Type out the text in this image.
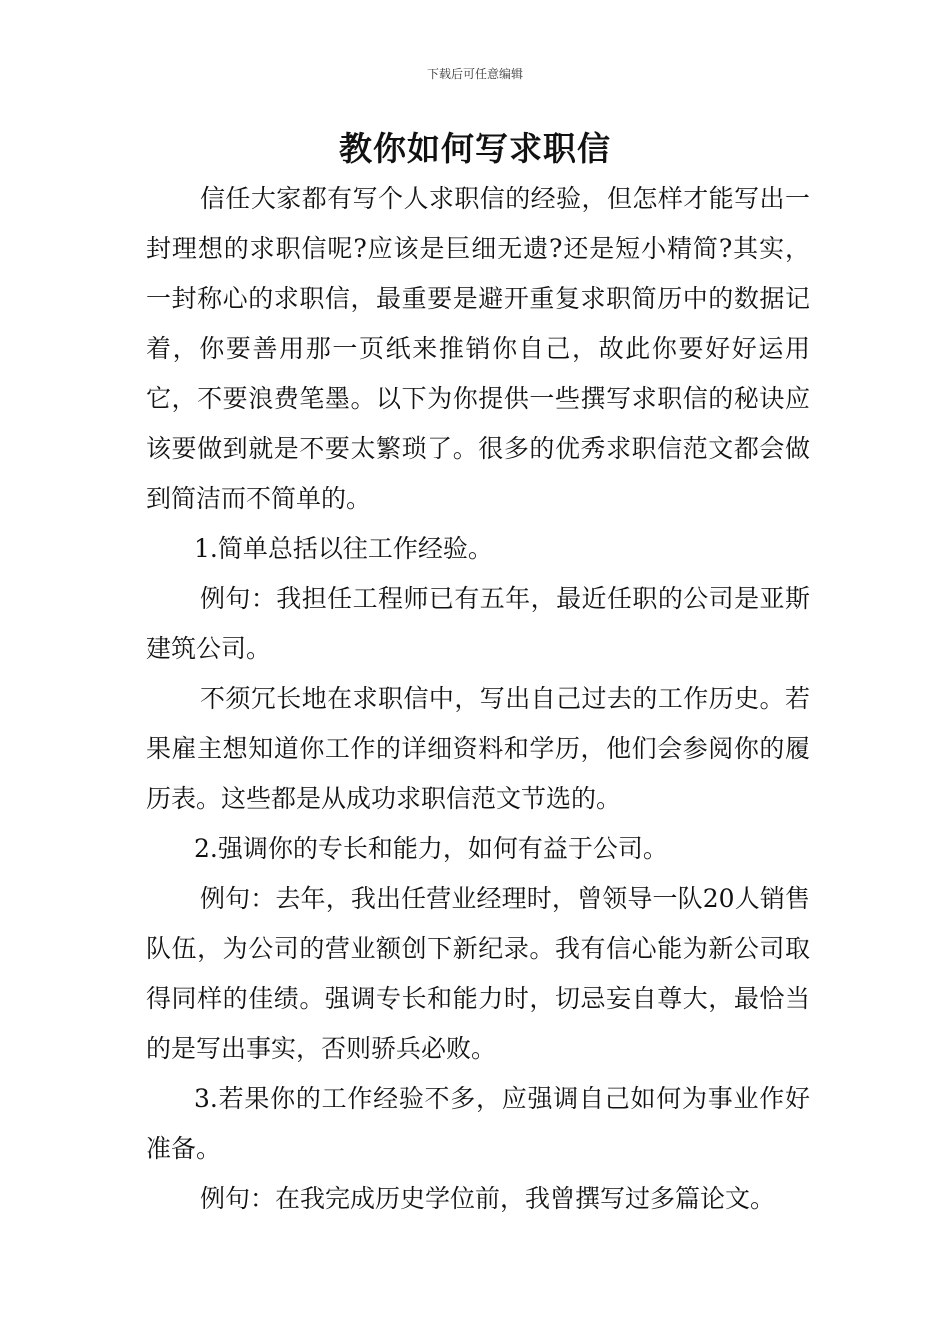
下载后可任意编辑
教你如何写求职信

信任大家都有写个人求职信的经验，但怎样才能写出一封理想的求职信呢?应该是巨细无遗?还是短小精简?其实，一封称心的求职信，最重要是避开重复求职简历中的数据记着，你要善用那一页纸来推销你自己，故此你要好好运用它，不要浪费笔墨。以下为你提供一些撰写求职信的秘诀应该要做到就是不要太繁琐了。很多的优秀求职信范文都会做到简洁而不简单的。

1.简单总括以往工作经验。

例句：我担任工程师已有五年，最近任职的公司是亚斯建筑公司。

不须冗长地在求职信中，写出自己过去的工作历史。若果雇主想知道你工作的详细资料和学历，他们会参阅你的履历表。这些都是从成功求职信范文节选的。

2.强调你的专长和能力，如何有益于公司。

例句：去年，我出任营业经理时，曾领导一队20人销售队伍，为公司的营业额创下新纪录。我有信心能为新公司取得同样的佳绩。强调专长和能力时，切忌妄自尊大，最恰当的是写出事实，否则骄兵必败。

3.若果你的工作经验不多，应强调自己如何为事业作好准备。

例句：在我完成历史学位前，我曾撰写过多篇论文。
